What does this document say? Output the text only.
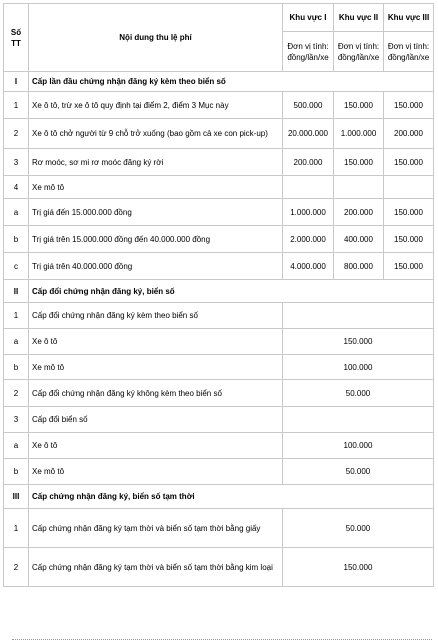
Số TT	Nội dung thu lệ phí	Khu vực I	Khu vực II	Khu vực III
		Đơn vị tính: đồng/lần/xe	Đơn vị tính: đồng/lần/xe	Đơn vị tính: đồng/lần/xe
I	Cấp lần đầu chứng nhận đăng ký kèm theo biển số			
1	Xe ô tô, trừ xe ô tô quy định tại điểm 2, điểm 3 Mục này	500.000	150.000	150.000
2	Xe ô tô chở người từ 9 chỗ trở xuống (bao gồm cả xe con pick-up)	20.000.000	1.000.000	200.000
3	Rơ moóc, sơ mi rơ moóc đăng ký rời	200.000	150.000	150.000
4	Xe mô tô			
a	Trị giá đến 15.000.000 đồng	1.000.000	200.000	150.000
b	Trị giá trên 15.000.000 đồng đến 40.000.000 đồng	2.000.000	400.000	150.000
c	Trị giá trên 40.000.000 đồng	4.000.000	800.000	150.000
II	Cấp đổi chứng nhận đăng ký, biển số			
1	Cấp đổi chứng nhận đăng ký kèm theo biển số			
a	Xe ô tô	150.000		
b	Xe mô tô	100.000		
2	Cấp đổi chứng nhận đăng ký không kèm theo biển số	50.000		
3	Cấp đổi biển số			
a	Xe ô tô	100.000		
b	Xe mô tô	50.000		
III	Cấp chứng nhận đăng ký, biển số tạm thời			
1	Cấp chứng nhận đăng ký tạm thời và biển số tạm thời bằng giấy	50.000		
2	Cấp chứng nhận đăng ký tạm thời và biển số tạm thời bằng kim loại	150.000		
